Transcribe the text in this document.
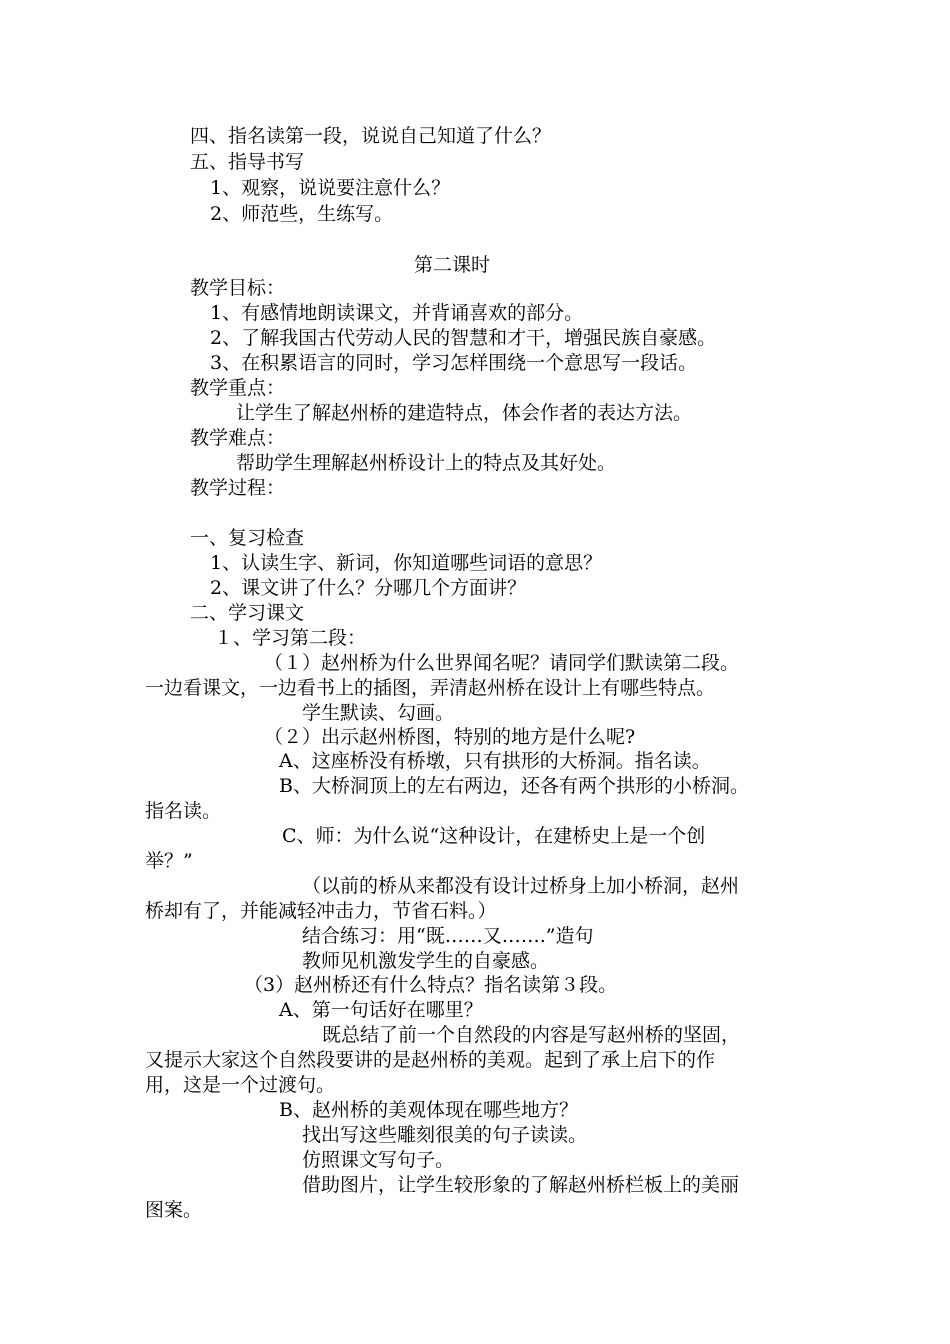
四、指名读第一段，说说自己知道了什么？

五、指导书写

1、观察，说说要注意什么？

2、师范些，生练写。

第二课时

教学目标：

1、有感情地朗读课文，并背诵喜欢的部分。

2、了解我国古代劳动人民的智慧和才干，增强民族自豪感。

3、在积累语言的同时，学习怎样围绕一个意思写一段话。

教学重点：

让学生了解赵州桥的建造特点，体会作者的表达方法。

教学难点：

帮助学生理解赵州桥设计上的特点及其好处。

教学过程：

一、复习检查

1、认读生字、新词，你知道哪些词语的意思？

2、课文讲了什么？分哪几个方面讲？

二、学习课文

１、学习第二段：

（１）赵州桥为什么世界闻名呢？请同学们默读第二段。

一边看课文，一边看书上的插图，弄清赵州桥在设计上有哪些特点。

学生默读、勾画。

（２）出示赵州桥图，特别的地方是什么呢?

A、这座桥没有桥墩，只有拱形的大桥洞。指名读。

B、大桥洞顶上的左右两边，还各有两个拱形的小桥洞。

指名读。

C、师：为什么说“这种设计，在建桥史上是一个创

举？”

（以前的桥从来都没有设计过桥身上加小桥洞，赵州

桥却有了，并能减轻冲击力，节省石料。）

结合练习：用“既……又…….”造句

教师见机激发学生的自豪感。

（3）赵州桥还有什么特点？指名读第３段。

A、第一句话好在哪里？

既总结了前一个自然段的内容是写赵州桥的坚固，

又提示大家这个自然段要讲的是赵州桥的美观。起到了承上启下的作

用，这是一个过渡句。

B、赵州桥的美观体现在哪些地方？

找出写这些雕刻很美的句子读读。

仿照课文写句子。

借助图片，让学生较形象的了解赵州桥栏板上的美丽

图案。
